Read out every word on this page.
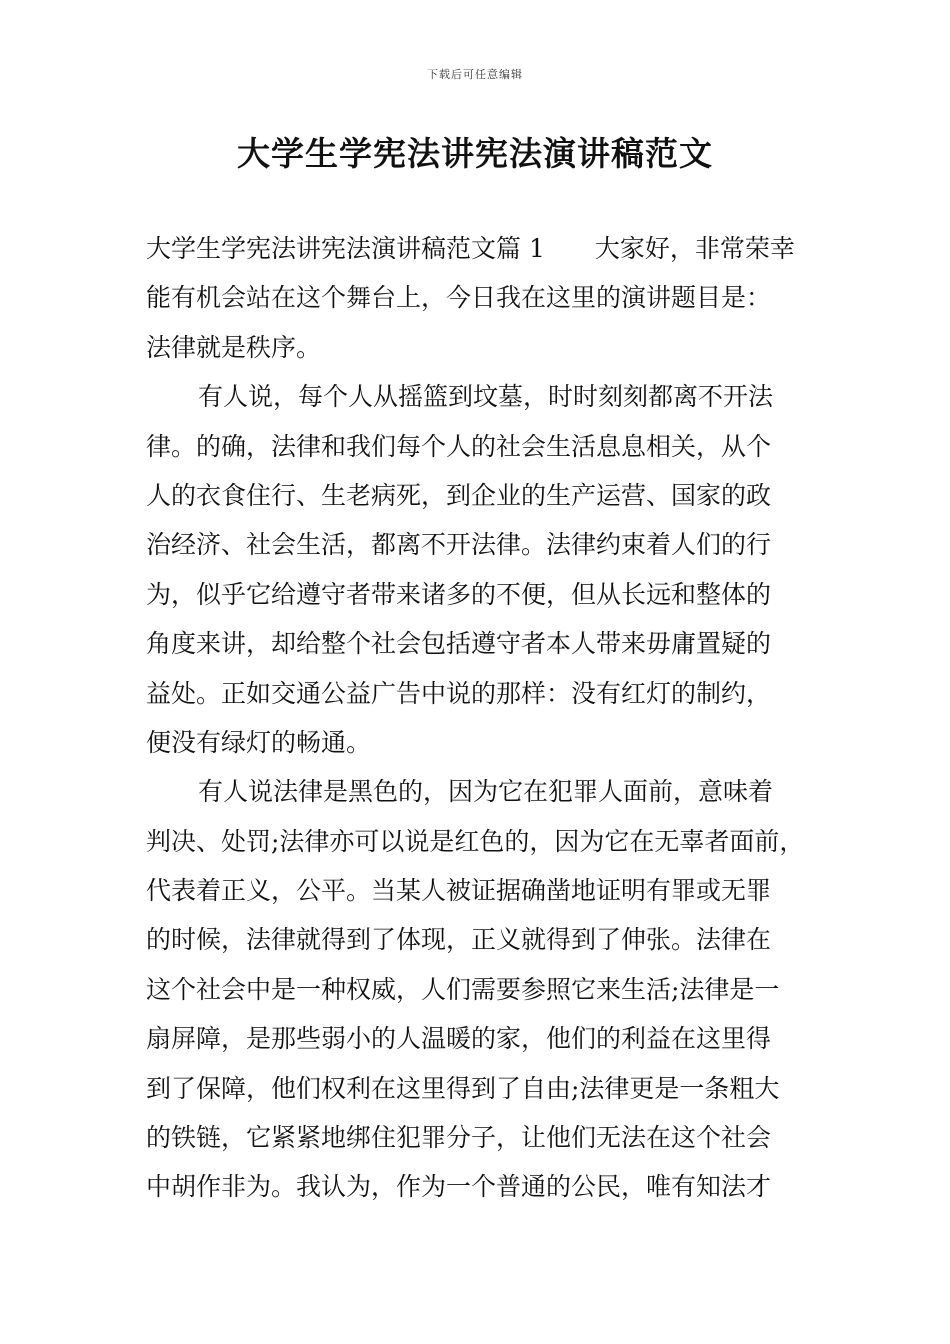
下载后可任意编辑
大学生学宪法讲宪法演讲稿范文
大学生学宪法讲宪法演讲稿范文篇 1 大家好，非常荣幸
能有机会站在这个舞台上，今日我在这里的演讲题目是：
法律就是秩序。
有人说，每个人从摇篮到坟墓，时时刻刻都离不开法
律。的确，法律和我们每个人的社会生活息息相关，从个
人的衣食住行、生老病死，到企业的生产运营、国家的政
治经济、社会生活，都离不开法律。法律约束着人们的行
为，似乎它给遵守者带来诸多的不便，但从长远和整体的
角度来讲，却给整个社会包括遵守者本人带来毋庸置疑的
益处。正如交通公益广告中说的那样：没有红灯的制约，
便没有绿灯的畅通。
有人说法律是黑色的，因为它在犯罪人面前，意味着
判决、处罚;法律亦可以说是红色的，因为它在无辜者面前，
代表着正义，公平。当某人被证据确凿地证明有罪或无罪
的时候，法律就得到了体现，正义就得到了伸张。法律在
这个社会中是一种权威，人们需要参照它来生活;法律是一
扇屏障，是那些弱小的人温暖的家，他们的利益在这里得
到了保障，他们权利在这里得到了自由;法律更是一条粗大
的铁链，它紧紧地绑住犯罪分子，让他们无法在这个社会
中胡作非为。我认为，作为一个普通的公民，唯有知法才
